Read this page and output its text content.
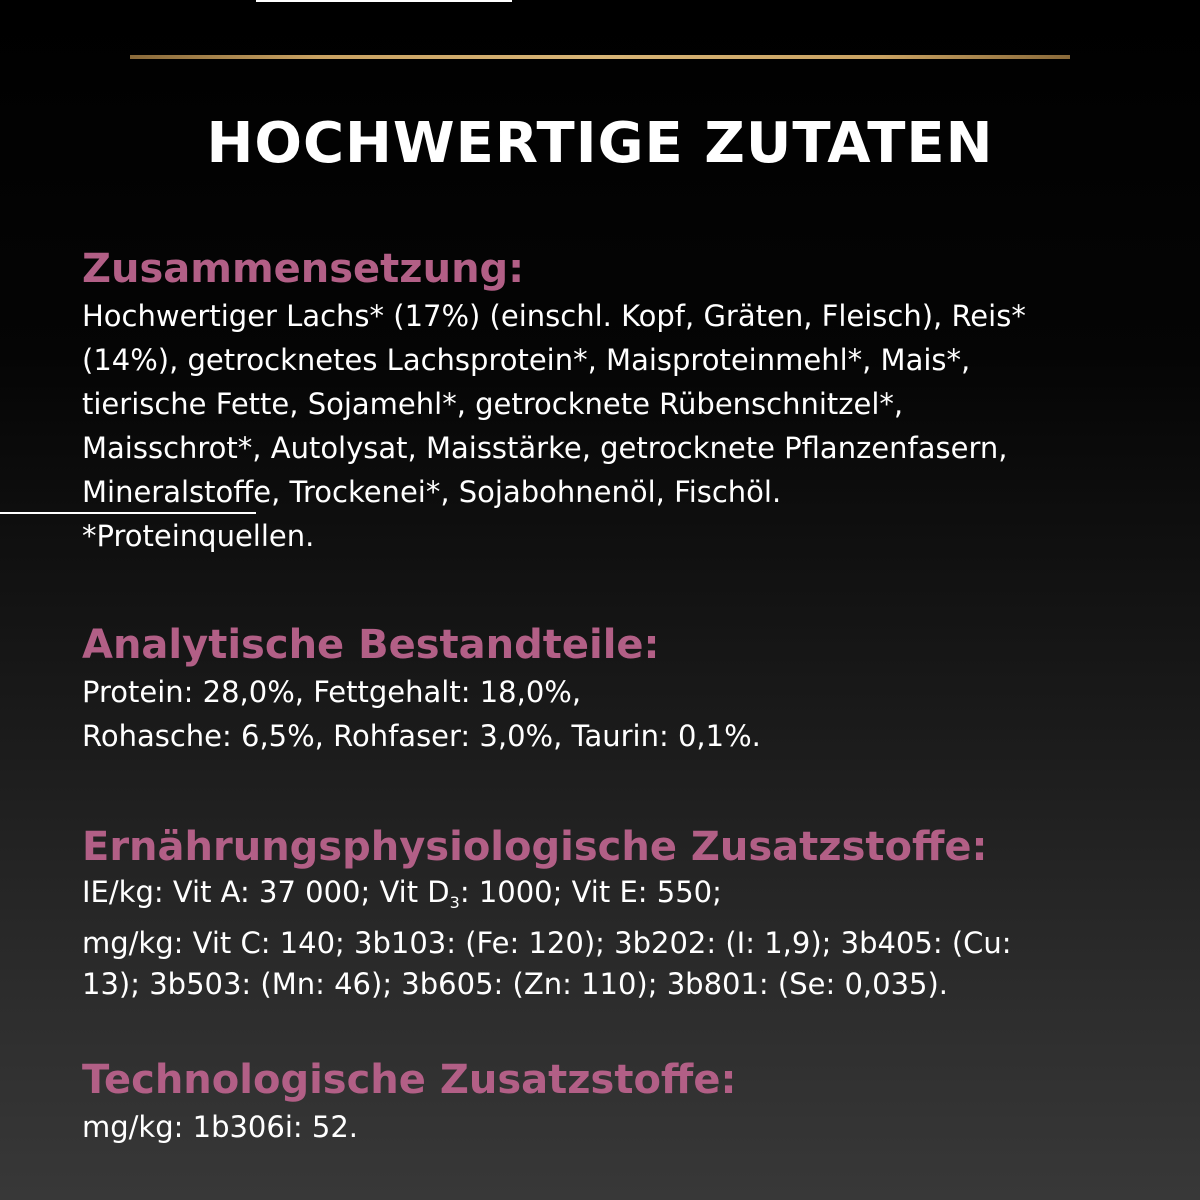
HOCHWERTIGE ZUTATEN
Zusammensetzung:
Hochwertiger Lachs* (17%) (einschl. Kopf, Gräten, Fleisch), Reis*
(14%), getrocknetes Lachsprotein*, Maisproteinmehl*, Mais*,
tierische Fette, Sojamehl*, getrocknete Rübenschnitzel*,
Maisschrot*, Autolysat, Maisstärke, getrocknete Pflanzenfasern,
Mineralstoffe, Trockenei*, Sojabohnenöl, Fischöl.
*Proteinquellen.
Analytische Bestandteile:
Protein: 28,0%, Fettgehalt: 18,0%,
Rohasche: 6,5%, Rohfaser: 3,0%, Taurin: 0,1%.
Ernährungsphysiologische Zusatzstoffe:
IE/kg: Vit A: 37 000; Vit $D_3$: 1000; Vit E: 550;
mg/kg: Vit C: 140; 3b103: (Fe: 120); 3b202: (I: 1,9); 3b405: (Cu:
13); 3b503: (Mn: 46); 3b605: (Zn: 110); 3b801: (Se: 0,035).
Technologische Zusatzstoffe:
mg/kg: 1b306i: 52.
